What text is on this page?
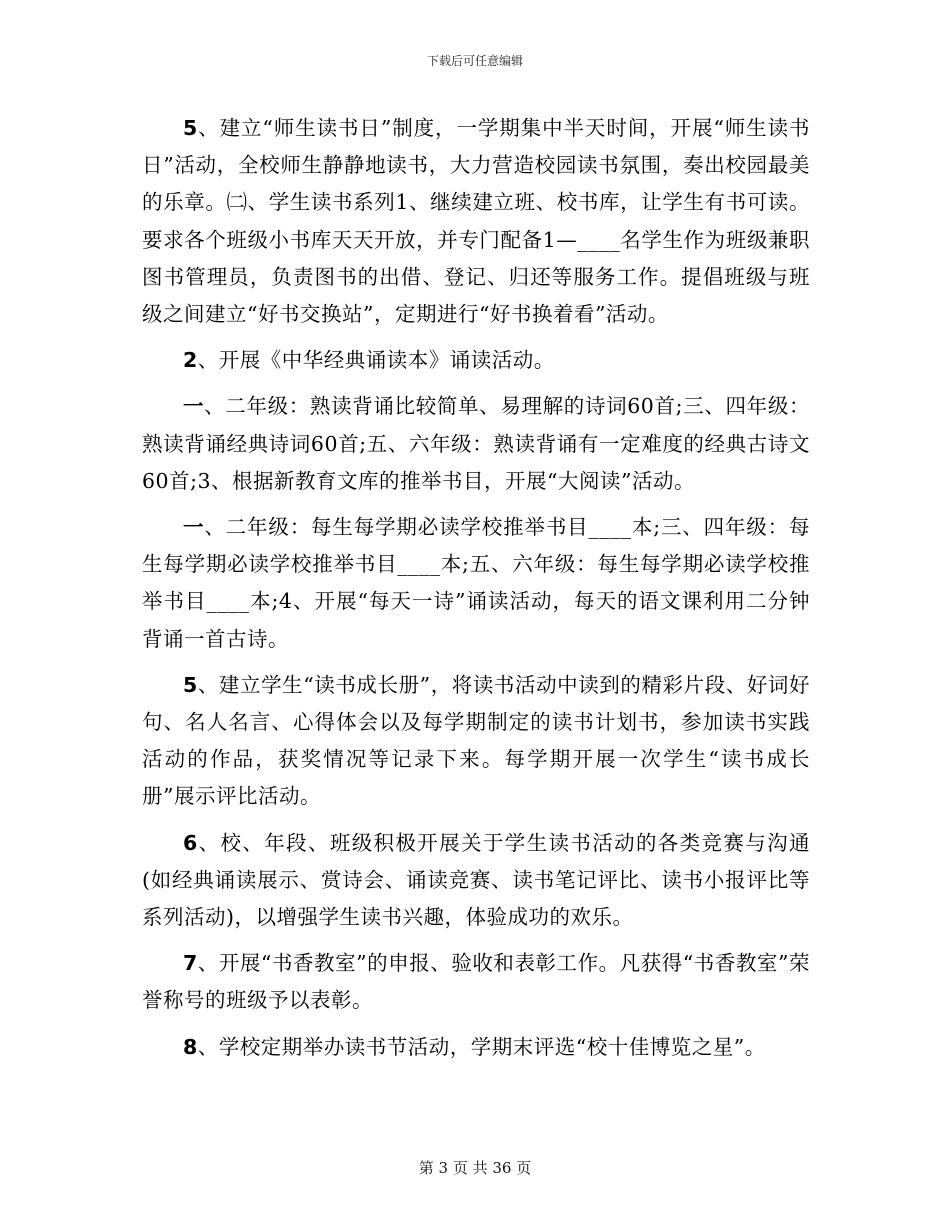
下载后可任意编辑

5、建立“师生读书日”制度，一学期集中半天时间，开展“师生读书日”活动，全校师生静静地读书，大力营造校园读书氛围，奏出校园最美的乐章。㈡、学生读书系列1、继续建立班、校书库，让学生有书可读。要求各个班级小书库天天开放，并专门配备1—____名学生作为班级兼职图书管理员，负责图书的出借、登记、归还等服务工作。提倡班级与班级之间建立“好书交换站”，定期进行“好书换着看”活动。

2、开展《中华经典诵读本》诵读活动。

一、二年级：熟读背诵比较简单、易理解的诗词60首;三、四年级：熟读背诵经典诗词60首;五、六年级：熟读背诵有一定难度的经典古诗文60首;3、根据新教育文库的推举书目，开展“大阅读”活动。

一、二年级：每生每学期必读学校推举书目____本;三、四年级：每生每学期必读学校推举书目____本;五、六年级：每生每学期必读学校推举书目____本;4、开展“每天一诗”诵读活动，每天的语文课利用二分钟背诵一首古诗。

5、建立学生“读书成长册”，将读书活动中读到的精彩片段、好词好句、名人名言、心得体会以及每学期制定的读书计划书，参加读书实践活动的作品，获奖情况等记录下来。每学期开展一次学生“读书成长册”展示评比活动。

6、校、年段、班级积极开展关于学生读书活动的各类竞赛与沟通(如经典诵读展示、赏诗会、诵读竞赛、读书笔记评比、读书小报评比等系列活动)，以增强学生读书兴趣，体验成功的欢乐。

7、开展“书香教室”的申报、验收和表彰工作。凡获得“书香教室”荣誉称号的班级予以表彰。

8、学校定期举办读书节活动，学期末评选“校十佳博览之星”。

第 3 页 共 36 页
